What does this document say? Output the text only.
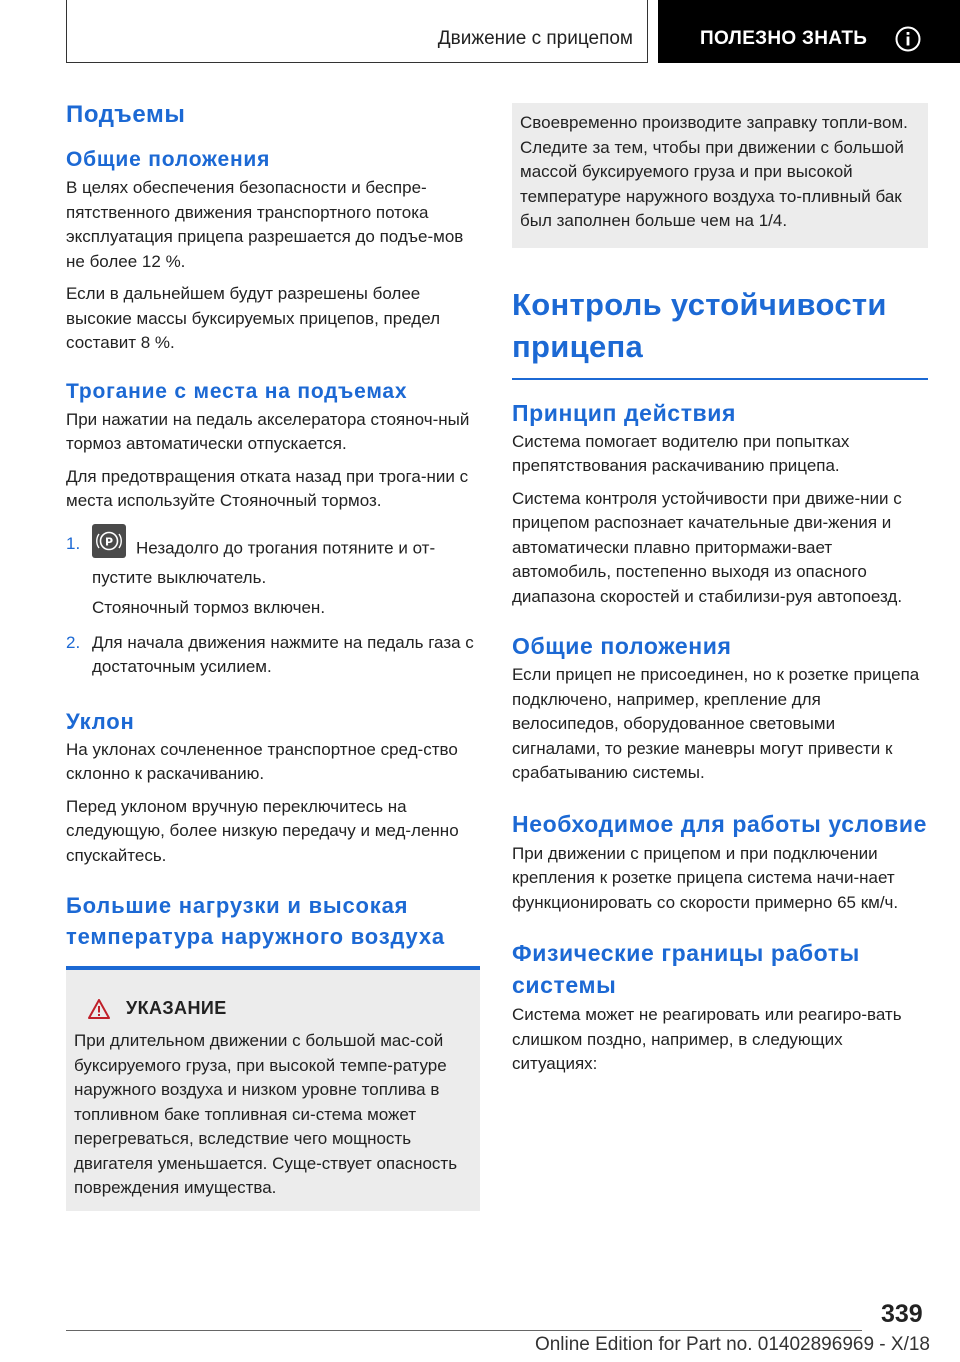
Движение с прицепом	ПОЛЕЗНО ЗНАТЬ
Подъемы
Общие положения

В целях обеспечения безопасности и беспре-пятственного движения транспортного потока эксплуатация прицепа разрешается до подъе-мов не более 12 %.

Если в дальнейшем будут разрешены более высокие массы буксируемых прицепов, предел составит 8 %.

Трогание с места на подъемах

При нажатии на педаль акселератора стояноч-ный тормоз автоматически отпускается.

Для предотвращения отката назад при трога-нии с места используйте Стояночный тормоз.

1. P Незадолго до трогания потяните и от-пустите выключатель.
Стояночный тормоз включен.
2. Для начала движения нажмите на педаль газа с достаточным усилием.
Уклон

На уклонах сочлененное транспортное сред-ство склонно к раскачиванию.

Перед уклоном вручную переключитесь на следующую, более низкую передачу и мед-ленно спускайтесь.

Большие нагрузки и высокая температура наружного воздуха
УКАЗАНИЕ

При длительном движении с большой мас-сой буксируемого груза, при высокой темпе-ратуре наружного воздуха и низком уровне топлива в топливном баке топливная си-стема может перегреваться, вследствие чего мощность двигателя уменьшается. Суще-ствует опасность повреждения имущества.

Своевременно производите заправку топли-вом. Следите за тем, чтобы при движении с большой массой буксируемого груза и при высокой температуре наружного воздуха то-пливный бак был заполнен больше чем на 1/4.

Контроль устойчивости прицепа
Принцип действия

Система помогает водителю при попытках препятствования раскачиванию прицепа.

Система контроля устойчивости при движе-нии с прицепом распознает качательные дви-жения и автоматически плавно притормажи-вает автомобиль, постепенно выходя из опасного диапазона скоростей и стабилизи-руя автопоезд.

Общие положения

Если прицеп не присоединен, но к розетке прицепа подключено, например, крепление для велосипедов, оборудованное световыми сигналами, то резкие маневры могут привести к срабатыванию системы.

Необходимое для работы условие

При движении с прицепом и при подключении крепления к розетке прицепа система начи-нает функционировать со скорости примерно 65 км/ч.

Физические границы работы системы

Система может не реагировать или реагиро-вать слишком поздно, например, в следующих ситуациях:

339
Online Edition for Part no. 01402896969 - X/18
